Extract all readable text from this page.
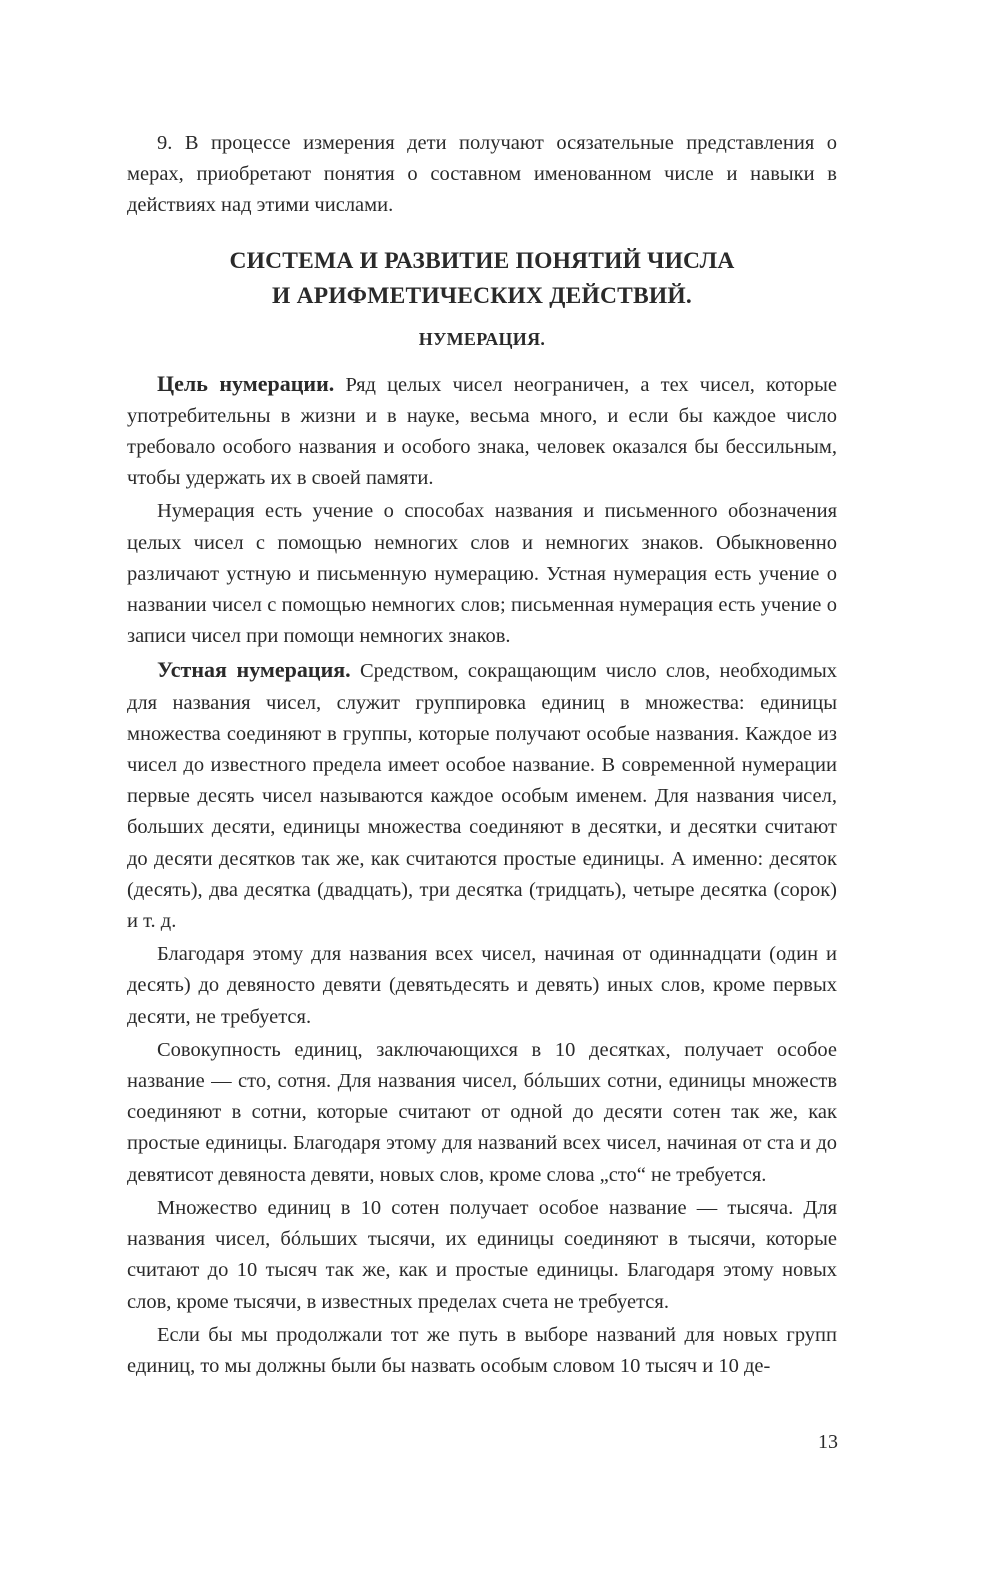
9. В процессе измерения дети получают осязательные представления о мерах, приобретают понятия о составном именованном числе и навыки в действиях над этими числами.

СИСТЕМА И РАЗВИТИЕ ПОНЯТИЙ ЧИСЛА
И АРИФМЕТИЧЕСКИХ ДЕЙСТВИЙ.
НУМЕРАЦИЯ.

Цель нумерации. Ряд целых чисел неограничен, а тех чисел, которые употребительны в жизни и в науке, весьма много, и если бы каждое число требовало особого названия и особого знака, человек оказался бы бессильным, чтобы удержать их в своей памяти.

Нумерация есть учение о способах названия и письменного обозначения целых чисел с помощью немногих слов и немногих знаков. Обыкновенно различают устную и письменную нумерацию. Устная нумерация есть учение о названии чисел с помощью немногих слов; письменная нумерация есть учение о записи чисел при помощи немногих знаков.

Устная нумерация. Средством, сокращающим число слов, необходимых для названия чисел, служит группировка единиц в множества: единицы множества соединяют в группы, которые получают особые названия. Каждое из чисел до известного предела имеет особое название. В современной нумерации первые десять чисел называются каждое особым именем. Для названия чисел, больших десяти, единицы множества соединяют в десятки, и десятки считают до десяти десятков так же, как считаются простые единицы. А именно: десяток (десять), два десятка (двадцать), три десятка (тридцать), четыре десятка (сорок) и т. д.

Благодаря этому для названия всех чисел, начиная от одиннадцати (один и десять) до девяносто девяти (девятьдесять и девять) иных слов, кроме первых десяти, не требуется.

Совокупность единиц, заключающихся в 10 десятках, получает особое название — сто, сотня. Для названия чисел, бóльших сотни, единицы множеств соединяют в сотни, которые считают от одной до десяти сотен так же, как простые единицы. Благодаря этому для названий всех чисел, начиная от ста и до девятисот девяноста девяти, новых слов, кроме слова „сто“ не требуется.

Множество единиц в 10 сотен получает особое название — тысяча. Для названия чисел, бóльших тысячи, их единицы соединяют в тысячи, которые считают до 10 тысяч так же, как и простые единицы. Благодаря этому новых слов, кроме тысячи, в известных пределах счета не требуется.

Если бы мы продолжали тот же путь в выборе названий для новых групп единиц, то мы должны были бы назвать особым словом 10 тысяч и 10 де-

13
